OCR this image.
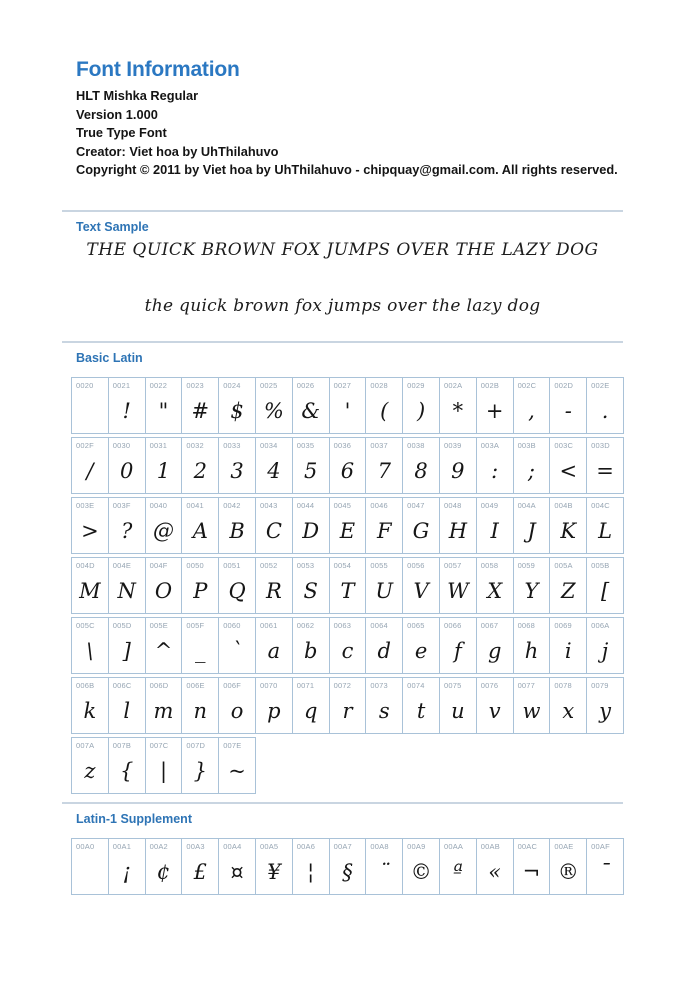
Font Information

HLT Mishka Regular

Version 1.000

True Type Font

Creator: Viet hoa by UhThilahuvo

Copyright © 2011 by Viet hoa by UhThilahuvo - chipquay@gmail.com. All rights reserved.

Text Sample
THE QUICK BROWN FOX JUMPS OVER THE LAZY DOG
the quick brown fox jumps over the lazy dog
Basic Latin
0020	0021
!
0022
"
0023
#
0024
$
0025
%
0026
&
0027
'
0028
(
0029
)
002A
*
002B
+
002C
,
002D
-
002E
.
002F
/
0030
0
0031
1
0032
2
0033
3
0034
4
0035
5
0036
6
0037
7
0038
8
0039
9
003A
:
003B
;
003C
<
003D
=
003E
>
003F
?
0040
@
0041
A
0042
B
0043
C
0044
D
0045
E
0046
F
0047
G
0048
H
0049
I
004A
J
004B
K
004C
L
004D
M
004E
N
004F
O
0050
P
0051
Q
0052
R
0053
S
0054
T
0055
U
0056
V
0057
W
0058
X
0059
Y
005A
Z
005B
[
005C
\
005D
]
005E
^
005F
_
0060
`
0061
a
0062
b
0063
c
0064
d
0065
e
0066
f
0067
g
0068
h
0069
i
006A
j
006B
k
006C
l
006D
m
006E
n
006F
o
0070
p
0071
q
0072
r
0073
s
0074
t
0075
u
0076
v
0077
w
0078
x
0079
y
007A
z
007B
{
007C
|
007D
}
007E
~
Latin-1 Supplement
00A0 00A1
¡
00A2
¢
00A3
£
00A4
¤
00A5
¥
00A6
¦
00A7
§
00A8
¨
00A9
©
00AA
ª
00AB
«
00AC
¬
00AE
®
00AF
¯
